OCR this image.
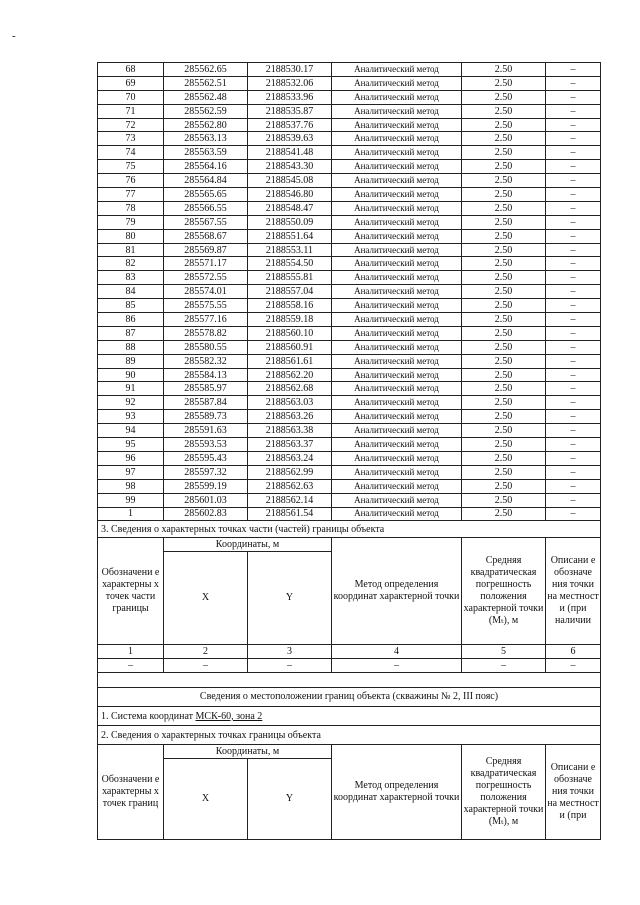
-
68	285562.65	2188530.17	Аналитический метод	2.50	–
69	285562.51	2188532.06	Аналитический метод	2.50	–
70	285562.48	2188533.96	Аналитический метод	2.50	–
71	285562.59	2188535.87	Аналитический метод	2.50	–
72	285562.80	2188537.76	Аналитический метод	2.50	–
73	285563.13	2188539.63	Аналитический метод	2.50	–
74	285563.59	2188541.48	Аналитический метод	2.50	–
75	285564.16	2188543.30	Аналитический метод	2.50	–
76	285564.84	2188545.08	Аналитический метод	2.50	–
77	285565.65	2188546.80	Аналитический метод	2.50	–
78	285566.55	2188548.47	Аналитический метод	2.50	–
79	285567.55	2188550.09	Аналитический метод	2.50	–
80	285568.67	2188551.64	Аналитический метод	2.50	–
81	285569.87	2188553.11	Аналитический метод	2.50	–
82	285571.17	2188554.50	Аналитический метод	2.50	–
83	285572.55	2188555.81	Аналитический метод	2.50	–
84	285574.01	2188557.04	Аналитический метод	2.50	–
85	285575.55	2188558.16	Аналитический метод	2.50	–
86	285577.16	2188559.18	Аналитический метод	2.50	–
87	285578.82	2188560.10	Аналитический метод	2.50	–
88	285580.55	2188560.91	Аналитический метод	2.50	–
89	285582.32	2188561.61	Аналитический метод	2.50	–
90	285584.13	2188562.20	Аналитический метод	2.50	–
91	285585.97	2188562.68	Аналитический метод	2.50	–
92	285587.84	2188563.03	Аналитический метод	2.50	–
93	285589.73	2188563.26	Аналитический метод	2.50	–
94	285591.63	2188563.38	Аналитический метод	2.50	–
95	285593.53	2188563.37	Аналитический метод	2.50	–
96	285595.43	2188563.24	Аналитический метод	2.50	–
97	285597.32	2188562.99	Аналитический метод	2.50	–
98	285599.19	2188562.63	Аналитический метод	2.50	–
99	285601.03	2188562.14	Аналитический метод	2.50	–
1	285602.83	2188561.54	Аналитический метод	2.50	–
3. Сведения о характерных точках части (частей) границы объекта					
Обозначени е характерны х точек части границы	Координаты, м		Метод определения координат характерной точки	Средняя квадратическая погрешность положения характерной точки (Mₜ), м	Описани е обозначе ния точки на местност и (при наличии
	X	Y			
1	2	3	4	5	6
–	–	–	–	–	–

Сведения о местоположении границ объекта (скважины № 2, III пояс)					
1. Система координат МСК-60, зона 2					
2. Сведения о характерных точках границы объекта					
Обозначени е характерны х точек границ	Координаты, м		Метод определения координат характерной точки	Средняя квадратическая погрешность положения характерной точки (Mₜ), м	Описани е обозначе ния точки на местност и (при
	X	Y			
